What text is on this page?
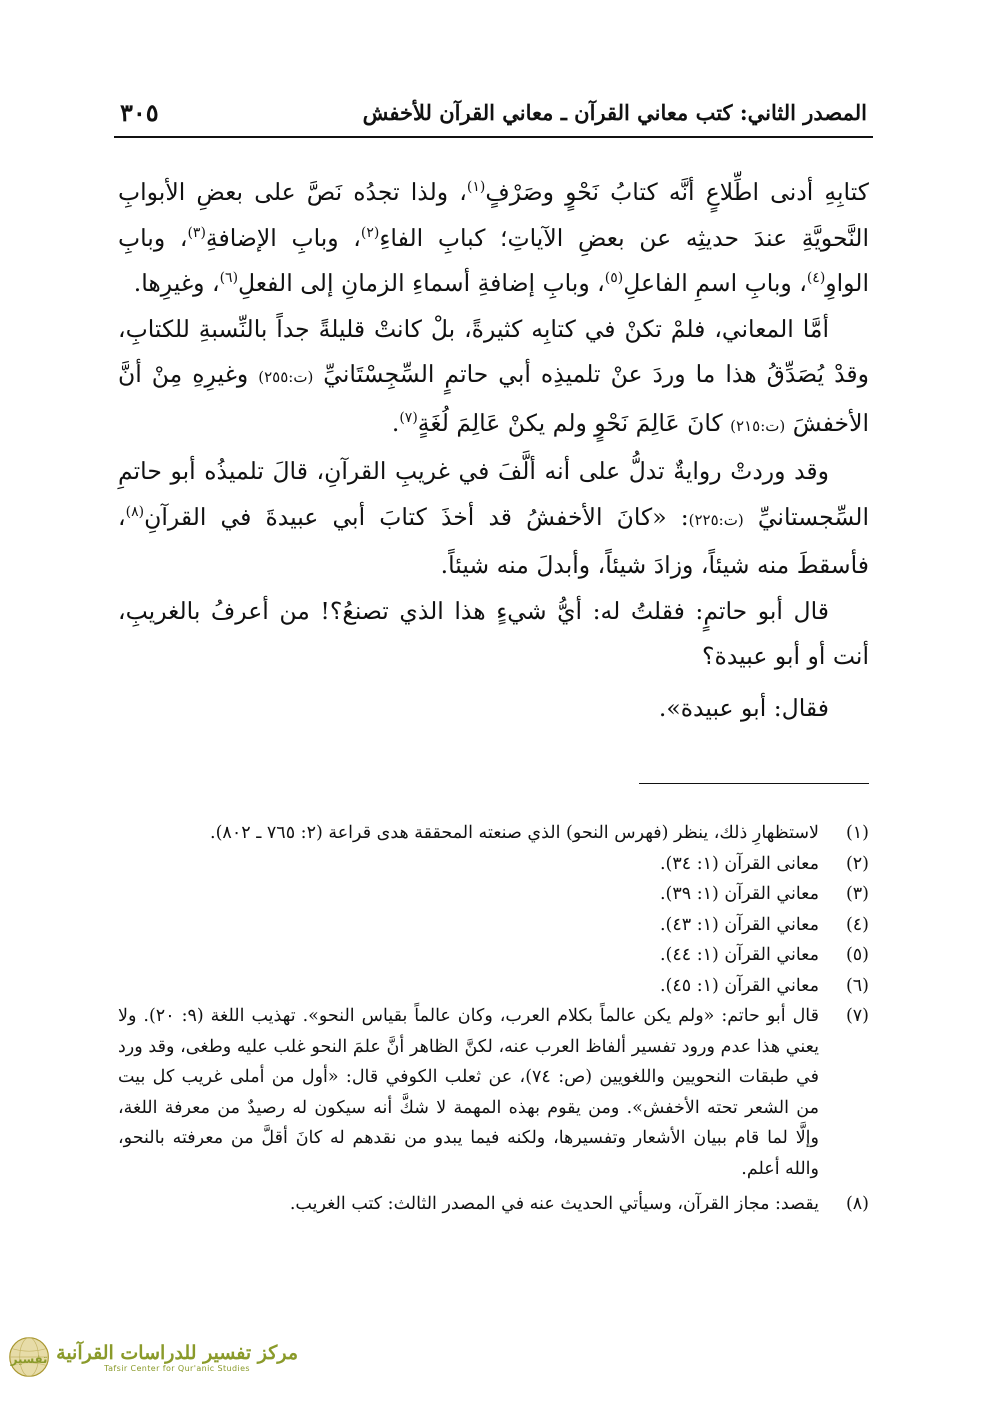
المصدر الثاني: كتب معاني القرآن ـ معاني القرآن للأخفش
٣٠٥

كتابِهِ أدنى اطِّلاعٍ أنَّه كتابُ نَحْوٍ وصَرْفٍ$^{(١)}$، ولذا تجدُه نَصَّ على بعضِ الأبوابِ النَّحويَّةِ عندَ حديثِه عن بعضِ الآياتِ؛ كبابِ الفاءِ$^{(٢)}$، وبابِ الإضافةِ$^{(٣)}$، وبابِ الواوِ$^{(٤)}$، وبابِ اسمِ الفاعلِ$^{(٥)}$، وبابِ إضافةِ أسماءِ الزمانِ إلى الفعلِ$^{(٦)}$، وغيرِها.

أمَّا المعاني، فلمْ تكنْ في كتابِه كثيرةً، بلْ كانتْ قليلةً جداً بالنِّسبةِ للكتابِ، وقدْ يُصَدِّقُ هذا ما وردَ عنْ تلميذِه أبي حاتمٍ السِّجِسْتَانيِّ (ت:٢٥٥) وغيرِهِ مِنْ أنَّ الأخفشَ (ت:٢١٥) كانَ عَالِمَ نَحْوٍ ولم يكنْ عَالِمَ لُغَةٍ$^{(٧)}$.

وقد وردتْ روايةٌ تدلُّ على أنه ألَّفَ في غريبِ القرآنِ، قالَ تلميذُه أبو حاتمِ السِّجستانيِّ (ت:٢٢٥): «كانَ الأخفشُ قد أخذَ كتابَ أبي عبيدةَ في القرآنِ$^{(٨)}$، فأسقطَ منه شيئاً، وزادَ شيئاً، وأبدلَ منه شيئاً.

قال أبو حاتمٍ: فقلتُ له: أيُّ شيءٍ هذا الذي تصنعُ؟! من أعرفُ بالغريبِ، أنت أو أبو عبيدة؟

فقال: أبو عبيدة».

(١)
لاستظهارِ ذلك، ينظر (فهرس النحو) الذي صنعته المحققة هدى قراعة (٢: ٧٦٥ ـ ٨٠٢).
(٢)
معانى القرآن (١: ٣٤).
(٣)
معاني القرآن (١: ٣٩).
(٤)
معاني القرآن (١: ٤٣).
(٥)
معاني القرآن (١: ٤٤).
(٦)
معاني القرآن (١: ٤٥).
(٧)
قال أبو حاتم: «ولم يكن عالماً بكلام العرب، وكان عالماً بقياس النحو». تهذيب اللغة (٩: ٢٠). ولا يعني هذا عدم ورود تفسير ألفاظ العرب عنه، لكنَّ الظاهر أنَّ علمَ النحو غلب عليه وطغى، وقد ورد في طبقات النحويين واللغويين (ص: ٧٤)، عن ثعلب الكوفي قال: «أول من أملى غريب كل بيت من الشعر تحته الأخفش». ومن يقوم بهذه المهمة لا شكَّ أنه سيكون له رصيدٌ من معرفة اللغة، وإلَّا لما قام ببيان الأشعار وتفسيرها، ولكنه فيما يبدو من نقدهم له كانَ أقلَّ من معرفته بالنحو، والله أعلم.
(٨)
يقصد: مجاز القرآن، وسيأتي الحديث عنه في المصدر الثالث: كتب الغريب.
تفسير مركز تفسير للدراسات القرآنية
Tafsir Center for Qur'anic Studies
